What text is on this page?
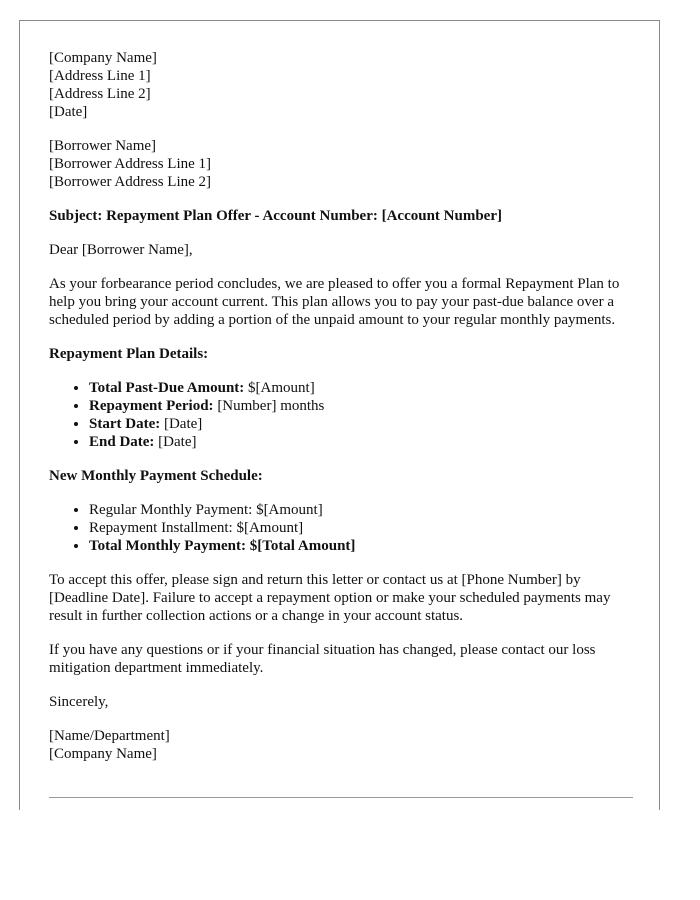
[Company Name]
[Address Line 1]
[Address Line 2]
[Date]
[Borrower Name]
[Borrower Address Line 1]
[Borrower Address Line 2]

Subject: Repayment Plan Offer - Account Number: [Account Number]

Dear [Borrower Name],

As your forbearance period concludes, we are pleased to offer you a formal Repayment Plan to help you bring your account current. This plan allows you to pay your past-due balance over a scheduled period by adding a portion of the unpaid amount to your regular monthly payments.

Repayment Plan Details:

• Total Past-Due Amount: $[Amount]
• Repayment Period: [Number] months
• Start Date: [Date]
• End Date: [Date]

New Monthly Payment Schedule:

• Regular Monthly Payment: $[Amount]
• Repayment Installment: $[Amount]
• Total Monthly Payment: $[Total Amount]

To accept this offer, please sign and return this letter or contact us at [Phone Number] by [Deadline Date]. Failure to accept a repayment option or make your scheduled payments may result in further collection actions or a change in your account status.

If you have any questions or if your financial situation has changed, please contact our loss mitigation department immediately.

Sincerely,

[Name/Department]
[Company Name]
